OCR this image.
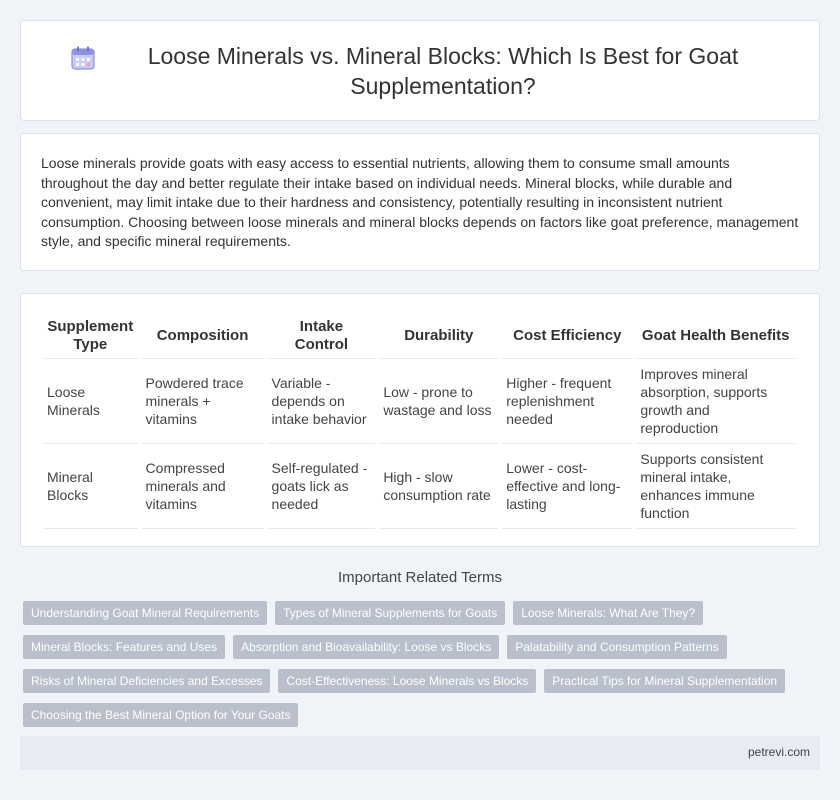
Loose Minerals vs. Mineral Blocks: Which Is Best for Goat Supplementation?

Loose minerals provide goats with easy access to essential nutrients, allowing them to consume small amounts throughout the day and better regulate their intake based on individual needs. Mineral blocks, while durable and convenient, may limit intake due to their hardness and consistency, potentially resulting in inconsistent nutrient consumption. Choosing between loose minerals and mineral blocks depends on factors like goat preference, management style, and specific mineral requirements.

Supplement Type	Composition	Intake Control	Durability	Cost Efficiency	Goat Health Benefits
Loose Minerals	Powdered trace minerals + vitamins	Variable - depends on intake behavior	Low - prone to wastage and loss	Higher - frequent replenishment needed	Improves mineral absorption, supports growth and reproduction
Mineral Blocks	Compressed minerals and vitamins	Self-regulated - goats lick as needed	High - slow consumption rate	Lower - cost-effective and long-lasting	Supports consistent mineral intake, enhances immune function
Important Related Terms
Understanding Goat Mineral Requirements	Types of Mineral Supplements for Goats	Loose Minerals: What Are They?
Mineral Blocks: Features and Uses	Absorption and Bioavailability: Loose vs Blocks	Palatability and Consumption Patterns
Risks of Mineral Deficiencies and Excesses	Cost-Effectiveness: Loose Minerals vs Blocks	Practical Tips for Mineral Supplementation
Choosing the Best Mineral Option for Your Goats
petrevi.com
